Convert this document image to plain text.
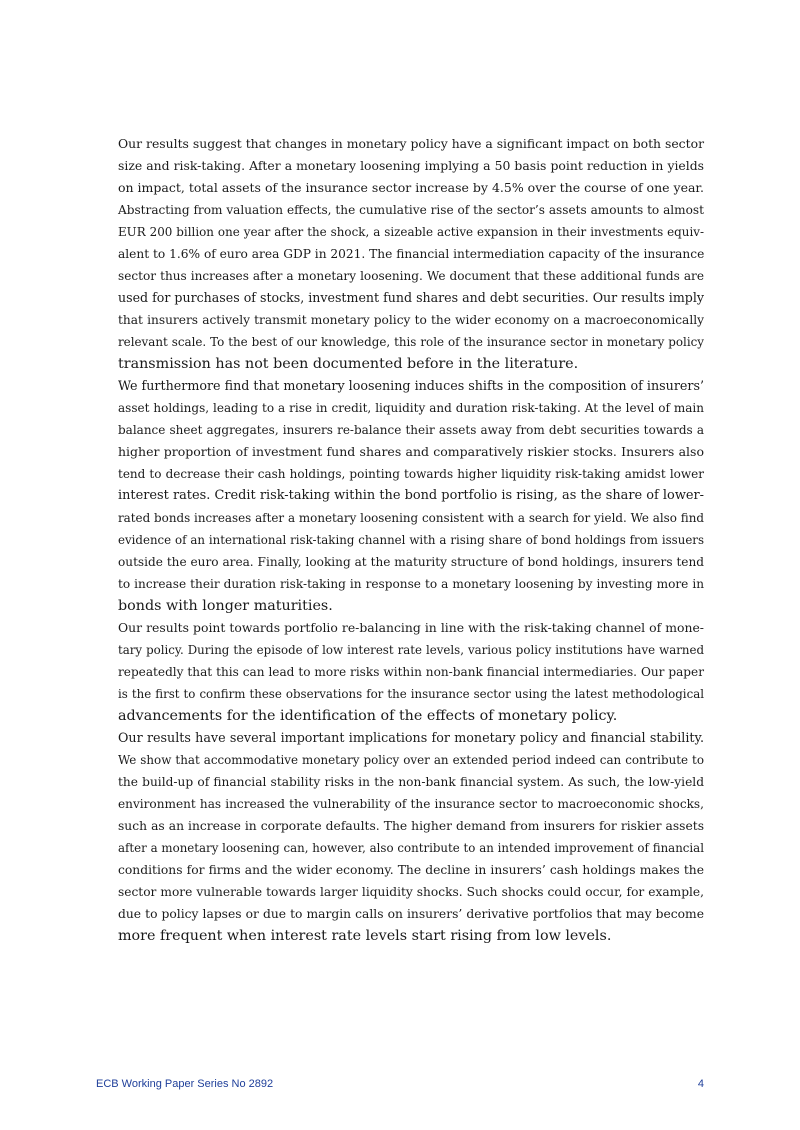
Our results suggest that changes in monetary policy have a significant impact on both sector
size and risk-taking. After a monetary loosening implying a 50 basis point reduction in yields
on impact, total assets of the insurance sector increase by 4.5% over the course of one year.
Abstracting from valuation effects, the cumulative rise of the sector’s assets amounts to almost
EUR 200 billion one year after the shock, a sizeable active expansion in their investments equiv-
alent to 1.6% of euro area GDP in 2021. The financial intermediation capacity of the insurance
sector thus increases after a monetary loosening. We document that these additional funds are
used for purchases of stocks, investment fund shares and debt securities. Our results imply
that insurers actively transmit monetary policy to the wider economy on a macroeconomically
relevant scale. To the best of our knowledge, this role of the insurance sector in monetary policy
transmission has not been documented before in the literature.

We furthermore find that monetary loosening induces shifts in the composition of insurers’
asset holdings, leading to a rise in credit, liquidity and duration risk-taking. At the level of main
balance sheet aggregates, insurers re-balance their assets away from debt securities towards a
higher proportion of investment fund shares and comparatively riskier stocks. Insurers also
tend to decrease their cash holdings, pointing towards higher liquidity risk-taking amidst lower
interest rates. Credit risk-taking within the bond portfolio is rising, as the share of lower-
rated bonds increases after a monetary loosening consistent with a search for yield. We also find
evidence of an international risk-taking channel with a rising share of bond holdings from issuers
outside the euro area. Finally, looking at the maturity structure of bond holdings, insurers tend
to increase their duration risk-taking in response to a monetary loosening by investing more in
bonds with longer maturities.

Our results point towards portfolio re-balancing in line with the risk-taking channel of mone-
tary policy. During the episode of low interest rate levels, various policy institutions have warned
repeatedly that this can lead to more risks within non-bank financial intermediaries. Our paper
is the first to confirm these observations for the insurance sector using the latest methodological
advancements for the identification of the effects of monetary policy.

Our results have several important implications for monetary policy and financial stability.
We show that accommodative monetary policy over an extended period indeed can contribute to
the build-up of financial stability risks in the non-bank financial system. As such, the low-yield
environment has increased the vulnerability of the insurance sector to macroeconomic shocks,
such as an increase in corporate defaults. The higher demand from insurers for riskier assets
after a monetary loosening can, however, also contribute to an intended improvement of financial
conditions for firms and the wider economy. The decline in insurers’ cash holdings makes the
sector more vulnerable towards larger liquidity shocks. Such shocks could occur, for example,
due to policy lapses or due to margin calls on insurers’ derivative portfolios that may become
more frequent when interest rate levels start rising from low levels.

ECB Working Paper Series No 2892	4
